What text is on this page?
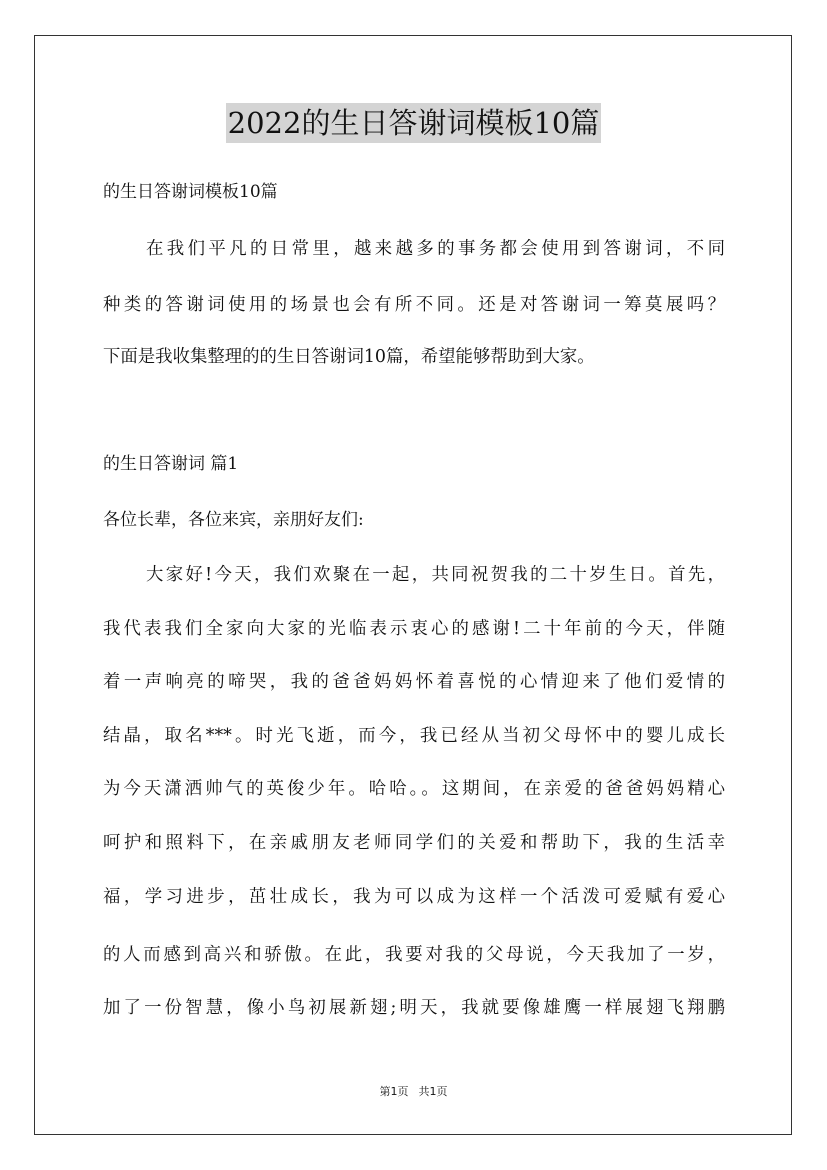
2022的生日答谢词模板10篇

的生日答谢词模板10篇

在我们平凡的日常里，越来越多的事务都会使用到答谢词，不同

种类的答谢词使用的场景也会有所不同。还是对答谢词一筹莫展吗？

下面是我收集整理的的生日答谢词10篇，希望能够帮助到大家。

的生日答谢词 篇1

各位长辈，各位来宾，亲朋好友们:

大家好!今天，我们欢聚在一起，共同祝贺我的二十岁生日。首先，

我代表我们全家向大家的光临表示衷心的感谢!二十年前的今天，伴随

着一声响亮的啼哭，我的爸爸妈妈怀着喜悦的心情迎来了他们爱情的

结晶，取名***。时光飞逝，而今，我已经从当初父母怀中的婴儿成长

为今天潇洒帅气的英俊少年。哈哈。。这期间，在亲爱的爸爸妈妈精心

呵护和照料下，在亲戚朋友老师同学们的关爱和帮助下，我的生活幸

福，学习进步，茁壮成长，我为可以成为这样一个活泼可爱赋有爱心

的人而感到高兴和骄傲。在此，我要对我的父母说，今天我加了一岁，

加了一份智慧，像小鸟初展新翅;明天，我就要像雄鹰一样展翅飞翔鹏

第1页 共1页
